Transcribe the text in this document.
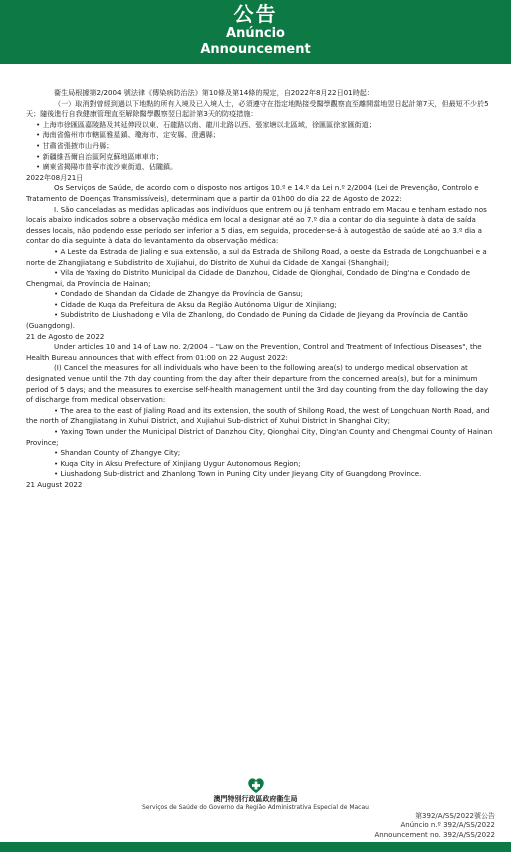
公告
Anúncio
Announcement

衞生局根據第2/2004 號法律《傳染病防治法》第10條及第14條的規定，自2022年8月22日01時起：

（一）取消對曾經到過以下地點的所有入境及已入境人士，必須遵守在指定地點接受醫學觀察直至離開當地翌日起計第7天，但最短不少於5天；隨後進行自我健康管理直至解除醫學觀察翌日起計第3天的防疫措施：

• 上海市徐匯區嘉陵路及其延伸段以東、石龍路以南、龍川北路以西、張家塘以北區域，徐匯區徐家匯街道；

• 海南省儋州市市轄區雅星鎮、瓊海市、定安縣、澄邁縣；

• 甘肅省張掖市山丹縣；

• 新疆維吾爾自治區阿克蘇地區庫車市；

• 廣東省揭陽市普寧市流沙東街道、佔隴鎮。

2022年08月21日

Os Serviços de Saúde, de acordo com o disposto nos artigos 10.º e 14.º da Lei n.º 2/2004 (Lei de Prevenção, Controlo e Tratamento de Doenças Transmissíveis), determinam que a partir da 01h00 do dia 22 de Agosto de 2022:

I. São canceladas as medidas aplicadas aos indivíduos que entrem ou já tenham entrado em Macau e tenham estado nos locais abaixo indicados sobre a observação médica em local a designar até ao 7.º dia a contar do dia seguinte à data de saída desses locais, não podendo esse período ser inferior a 5 dias, em seguida, proceder-se-á à autogestão de saúde até ao 3.º dia a contar do dia seguinte à data do levantamento da observação médica:

• A Leste da Estrada de Jialing e sua extensão, a sul da Estrada de Shilong Road, a oeste da Estrada de Longchuanbei e a norte de Zhangjiatang e Subdistrito de Xujiahui, do Distrito de Xuhui da Cidade de Xangai (Shanghai);

• Vila de Yaxing do Distrito Municipal da Cidade de Danzhou, Cidade de Qionghai, Condado de Ding'na e Condado de Chengmai, da Província de Hainan;

• Condado de Shandan da Cidade de Zhangye da Província de Gansu;

• Cidade de Kuqa da Prefeitura de Aksu da Região Autónoma Uigur de Xinjiang;

• Subdistrito de Liushadong e Vila de Zhanlong, do Condado de Puning da Cidade de Jieyang da Província de Cantão (Guangdong).

21 de Agosto de 2022

Under articles 10 and 14 of Law no. 2/2004 – "Law on the Prevention, Control and Treatment of Infectious Diseases", the Health Bureau announces that with effect from 01:00 on 22 August 2022:

(I) Cancel the measures for all individuals who have been to the following area(s) to undergo medical observation at designated venue until the 7th day counting from the day after their departure from the concerned area(s), but for a minimum period of 5 days; and the measures to exercise self-health management until the 3rd day counting from the day following the day of discharge from medical observation:

• The area to the east of Jialing Road and its extension, the south of Shilong Road, the west of Longchuan North Road, and the north of Zhangjiatang in Xuhui District, and Xujiahui Sub-district of Xuhui District in Shanghai City;

• Yaxing Town under the Municipal District of Danzhou City, Qionghai City, Ding'an County and Chengmai County of Hainan Province;

• Shandan County of Zhangye City;

• Kuqa City in Aksu Prefecture of Xinjiang Uygur Autonomous Region;

• Liushadong Sub-district and Zhanlong Town in Puning City under Jieyang City of Guangdong Province.

21 August 2022

澳門特別行政區政府衞生局
Serviços de Saúde do Governo da Região Administrativa Especial de Macau
第392/A/SS/2022號公告
Anúncio n.º 392/A/SS/2022
Announcement no. 392/A/SS/2022
